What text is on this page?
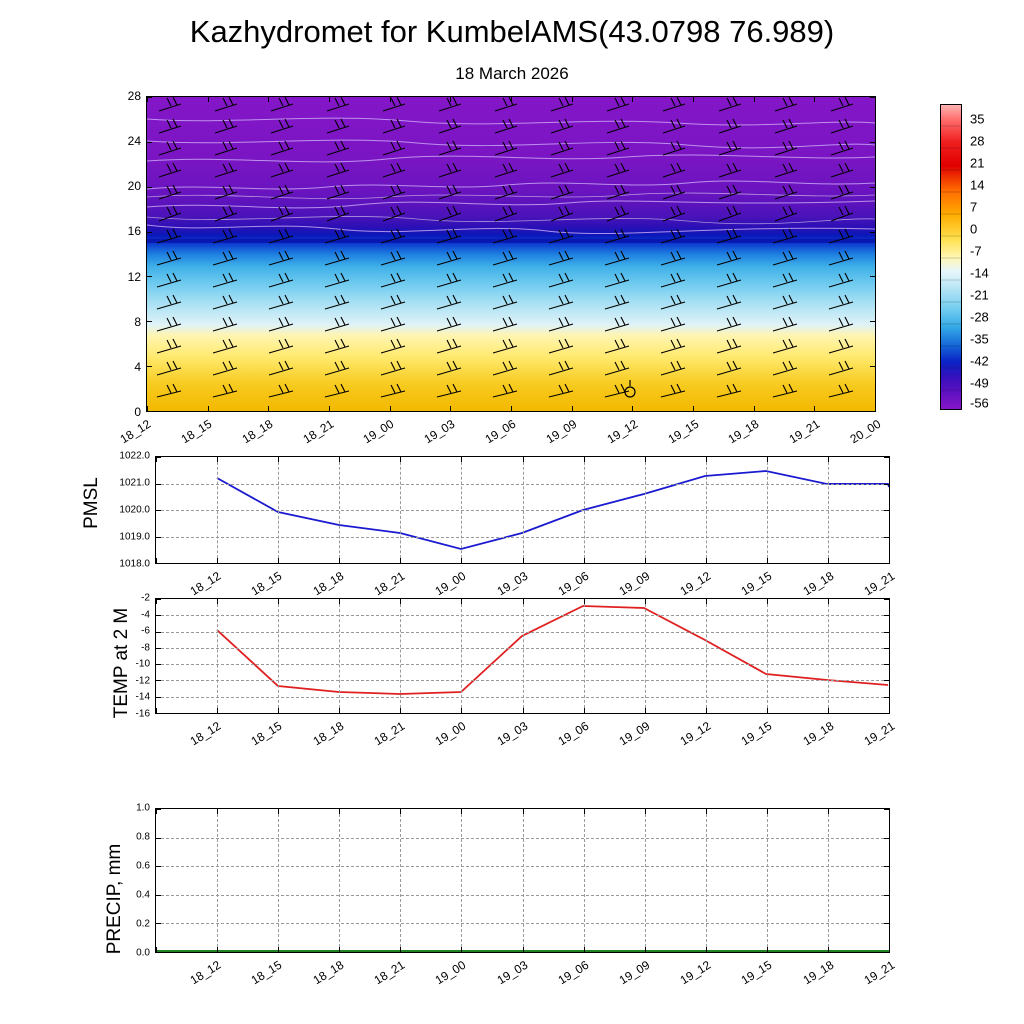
Kazhydromet for KumbelAMS(43.0798 76.989)
18 March 2026
28
24
20
16
12
8
4
0
18_12 18_15 18_18 18_21 19_00 19_03 19_06 19_09 19_12 19_15 19_18 19_21 20_00
35
28
21
14
7
0
-7
-14
-21
-28
-35
-42
-49
-56
PMSL
1022.0
1021.0
1020.0
1019.0
1018.0
18_12 18_15 18_18 18_21 19_00 19_03 19_06 19_09 19_12 19_15 19_18 19_21
TEMP at 2 M
-2
-4
-6
-8
-10
-12
-14
-16
18_12 18_15 18_18 18_21 19_00 19_03 19_06 19_09 19_12 19_15 19_18 19_21
PRECIP, mm
1.0
0.8
0.6
0.4
0.2
0.0
18_12 18_15 18_18 18_21 19_00 19_03 19_06 19_09 19_12 19_15 19_18 19_21
